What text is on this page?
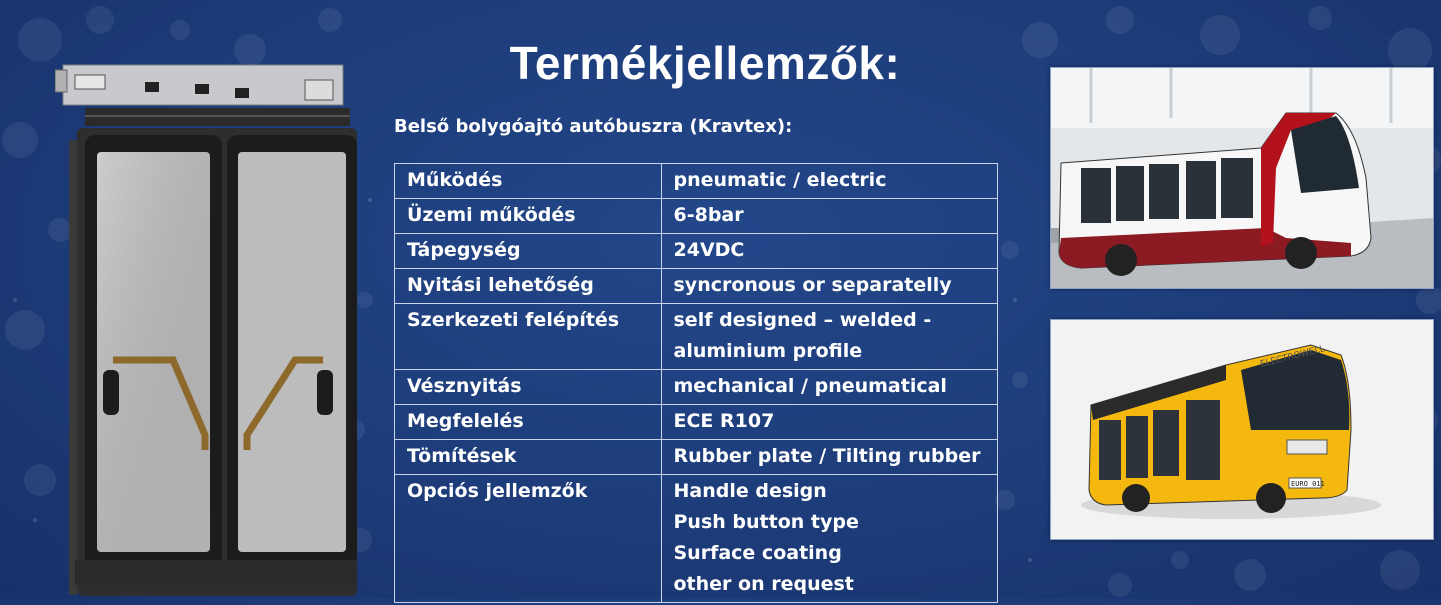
Termékjellemzők:
Belső bolygóajtó autóbuszra (Kravtex):
Működés	pneumatic / electric
Üzemi működés	6-8bar
Tápegység	24VDC
Nyitási lehetőség	syncronous or separatelly
Szerkezeti felépítés	self designed – welded - aluminium profile
Vésznyitás	mechanical / pneumatical
Megfelelés	ECE R107
Tömítések	Rubber plate / Tilting rubber
Opciós jellemzők	Handle design
Push button type
Surface coating
other on request
ELECTROWELL
EURO 011
